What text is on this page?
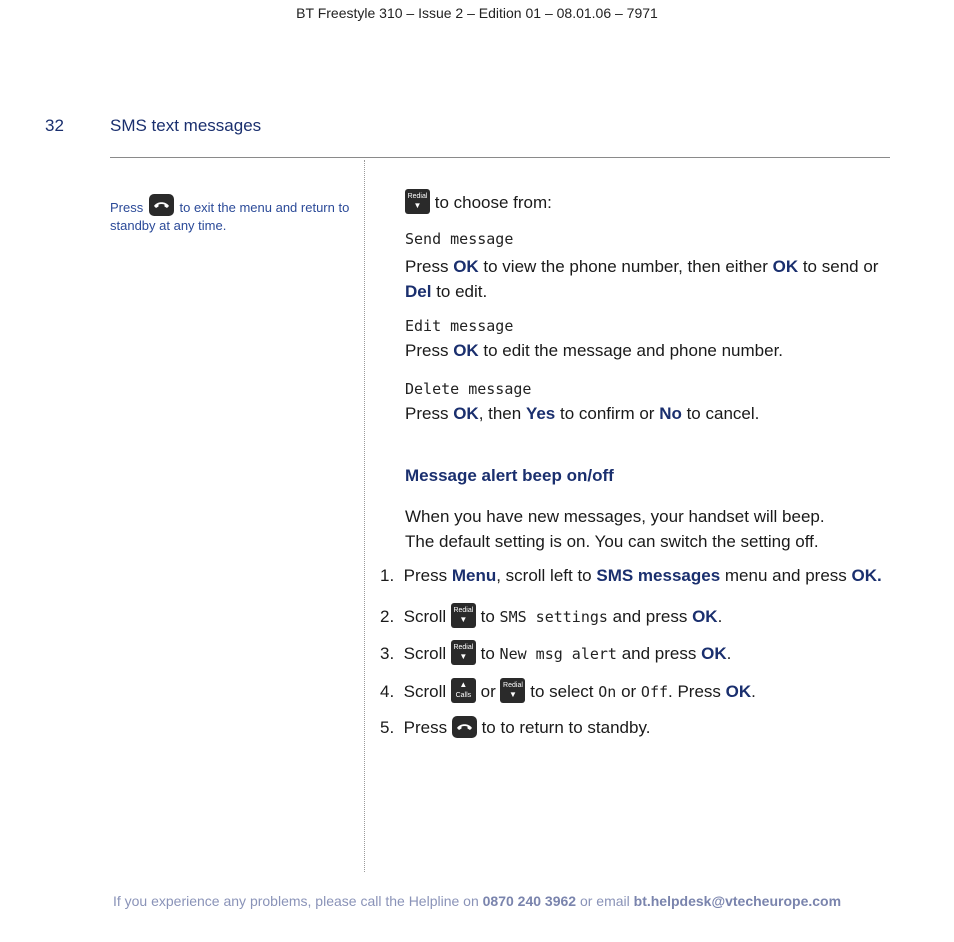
BT Freestyle 310 – Issue 2 – Edition 01 – 08.01.06 – 7971
32	SMS text messages
Press	to exit the menu and return to standby at any time.
Redial
▼ to choose from:
Send message
Press OK to view the phone number, then either OK to send or
Del to edit.
Edit message
Press OK to edit the message and phone number.
Delete message
Press OK, then Yes to confirm or No to cancel.
Message alert beep on/off
When you have new messages, your handset will beep.
The default setting is on. You can switch the setting off.
1. Press Menu, scroll left to SMS messages menu and press OK.
2. Scroll	Redial
▼ to SMS settings and press OK.
3. Scroll	Redial
▼ to New msg alert and press OK.
4. Scroll	▲
Calls or	Redial
▼ to select On or Off. Press OK.
5. Press to to return to standby.
If you experience any problems, please call the Helpline on 0870 240 3962 or email bt.helpdesk@vtecheurope.com
